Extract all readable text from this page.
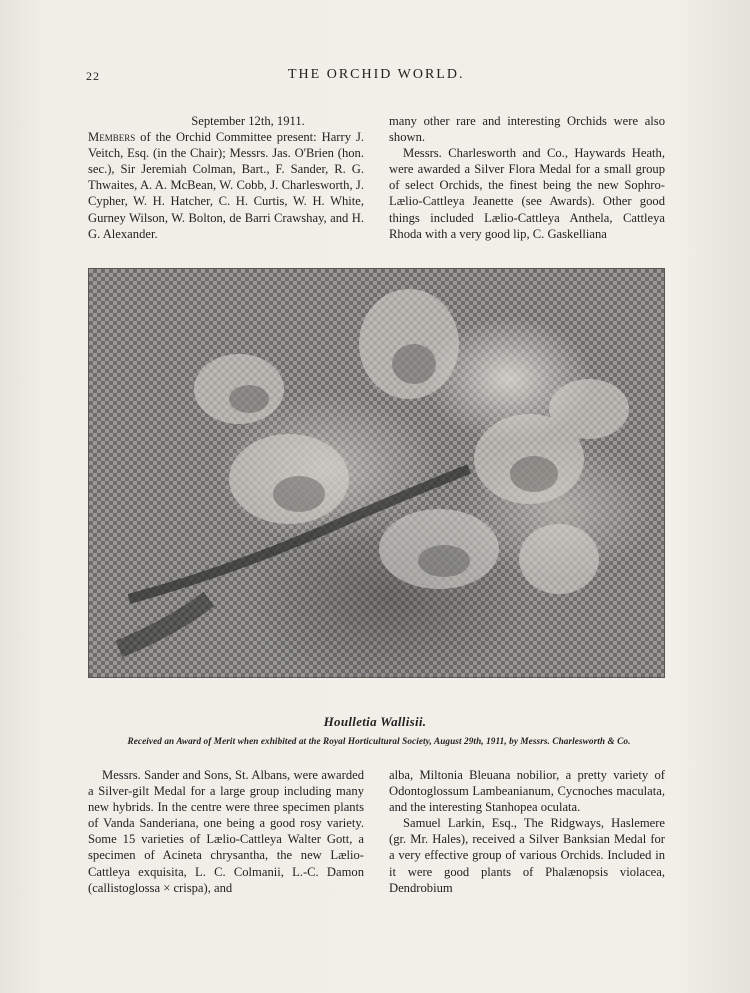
22	THE ORCHID WORLD.

September 12th, 1911.

Members of the Orchid Committee present: Harry J. Veitch, Esq. (in the Chair); Messrs. Jas. O'Brien (hon. sec.), Sir Jeremiah Colman, Bart., F. Sander, R. G. Thwaites, A. A. McBean, W. Cobb, J. Charlesworth, J. Cypher, W. H. Hatcher, C. H. Curtis, W. H. White, Gurney Wilson, W. Bolton, de Barri Crawshay, and H. G. Alexander.

many other rare and interesting Orchids were also shown.

Messrs. Charlesworth and Co., Haywards Heath, were awarded a Silver Flora Medal for a small group of select Orchids, the finest being the new Sophro-Lælio-Cattleya Jeanette (see Awards). Other good things included Lælio-Cattleya Anthela, Cattleya Rhoda with a very good lip, C. Gaskelliana

Houlletia Wallisii.
Received an Award of Merit when exhibited at the Royal Horticultural Society, August 29th, 1911, by Messrs. Charlesworth & Co.

Messrs. Sander and Sons, St. Albans, were awarded a Silver-gilt Medal for a large group including many new hybrids. In the centre were three specimen plants of Vanda Sanderiana, one being a good rosy variety. Some 15 varieties of Lælio-Cattleya Walter Gott, a specimen of Acineta chrysantha, the new Lælio-Cattleya exquisita, L. C. Colmanii, L.-C. Damon (callistoglossa × crispa), and

alba, Miltonia Bleuana nobilior, a pretty variety of Odontoglossum Lambeanianum, Cycnoches maculata, and the interesting Stanhopea oculata.

Samuel Larkin, Esq., The Ridgways, Haslemere (gr. Mr. Hales), received a Silver Banksian Medal for a very effective group of various Orchids. Included in it were good plants of Phalænopsis violacea, Dendrobium
